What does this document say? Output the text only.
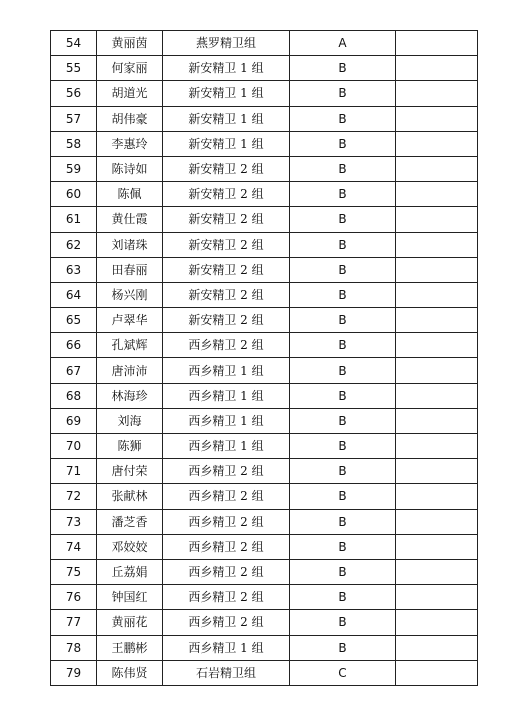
54	黄丽茵	燕罗精卫组	A	
55	何家丽	新安精卫 1 组	B	
56	胡道光	新安精卫 1 组	B	
57	胡伟豪	新安精卫 1 组	B	
58	李惠玲	新安精卫 1 组	B	
59	陈诗如	新安精卫 2 组	B	
60	陈佩	新安精卫 2 组	B	
61	黄仕霞	新安精卫 2 组	B	
62	刘诸珠	新安精卫 2 组	B	
63	田春丽	新安精卫 2 组	B	
64	杨兴刚	新安精卫 2 组	B	
65	卢翠华	新安精卫 2 组	B	
66	孔斌辉	西乡精卫 2 组	B	
67	唐沛沛	西乡精卫 1 组	B	
68	林海珍	西乡精卫 1 组	B	
69	刘海	西乡精卫 1 组	B	
70	陈狮	西乡精卫 1 组	B	
71	唐付荣	西乡精卫 2 组	B	
72	张献林	西乡精卫 2 组	B	
73	潘芝香	西乡精卫 2 组	B	
74	邓姣姣	西乡精卫 2 组	B	
75	丘荔娟	西乡精卫 2 组	B	
76	钟国红	西乡精卫 2 组	B	
77	黄丽花	西乡精卫 2 组	B	
78	王鹏彬	西乡精卫 1 组	B	
79	陈伟贤	石岩精卫组	C	
